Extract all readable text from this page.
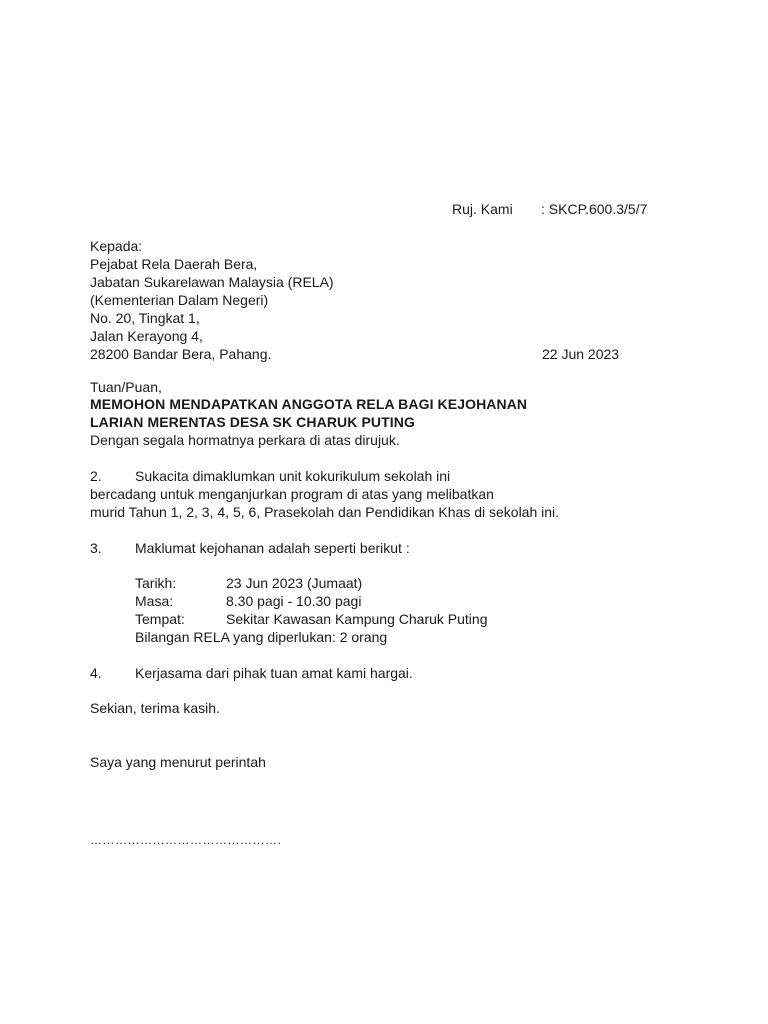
Ruj. Kami : SKCP.600.3/5/7
Kepada:
Pejabat Rela Daerah Bera,
Jabatan Sukarelawan Malaysia (RELA)
(Kementerian Dalam Negeri)
No. 20, Tingkat 1,
Jalan Kerayong 4,
28200 Bandar Bera, Pahang.	22 Jun 2023
Tuan/Puan,
MEMOHON MENDAPATKAN ANGGOTA RELA BAGI KEJOHANAN
LARIAN MERENTAS DESA SK CHARUK PUTING
Dengan segala hormatnya perkara di atas dirujuk.
2. Sukacita dimaklumkan unit kokurikulum sekolah ini
bercadang untuk menganjurkan program di atas yang melibatkan
murid Tahun 1, 2, 3, 4, 5, 6, Prasekolah dan Pendidikan Khas di sekolah ini.
3. Maklumat kejohanan adalah seperti berikut :
Tarikh:	23 Jun 2023 (Jumaat)
Masa:	8.30 pagi - 10.30 pagi
Tempat:	Sekitar Kawasan Kampung Charuk Puting
Bilangan RELA yang diperlukan: 2 orang
4. Kerjasama dari pihak tuan amat kami hargai.
Sekian, terima kasih.
Saya yang menurut perintah
……………………………………….
